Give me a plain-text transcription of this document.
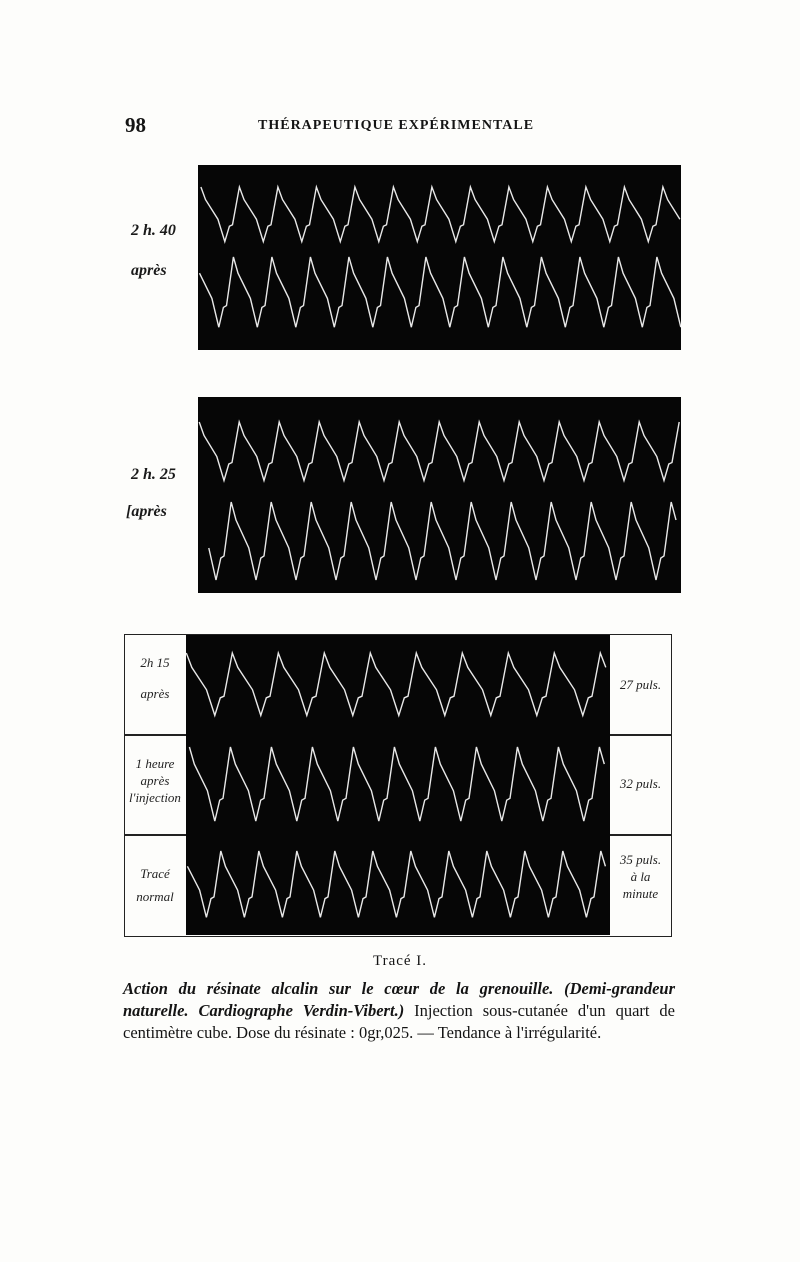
98	THÉRAPEUTIQUE EXPÉRIMENTALE
2 h. 40
après
2 h. 25
[après
2h 15
après
1 heure
après
l'injection
Tracé
normal
27 puls.
32 puls.
35 puls.
à la
minute
Tracé I.
Action du résinate alcalin sur le cœur de la grenouille. (Demi-grandeur naturelle. Cardiographe Verdin-Vibert.) Injection sous-cutanée d'un quart de centimètre cube. Dose du résinate : 0gr,025. — Tendance à l'irrégularité.
